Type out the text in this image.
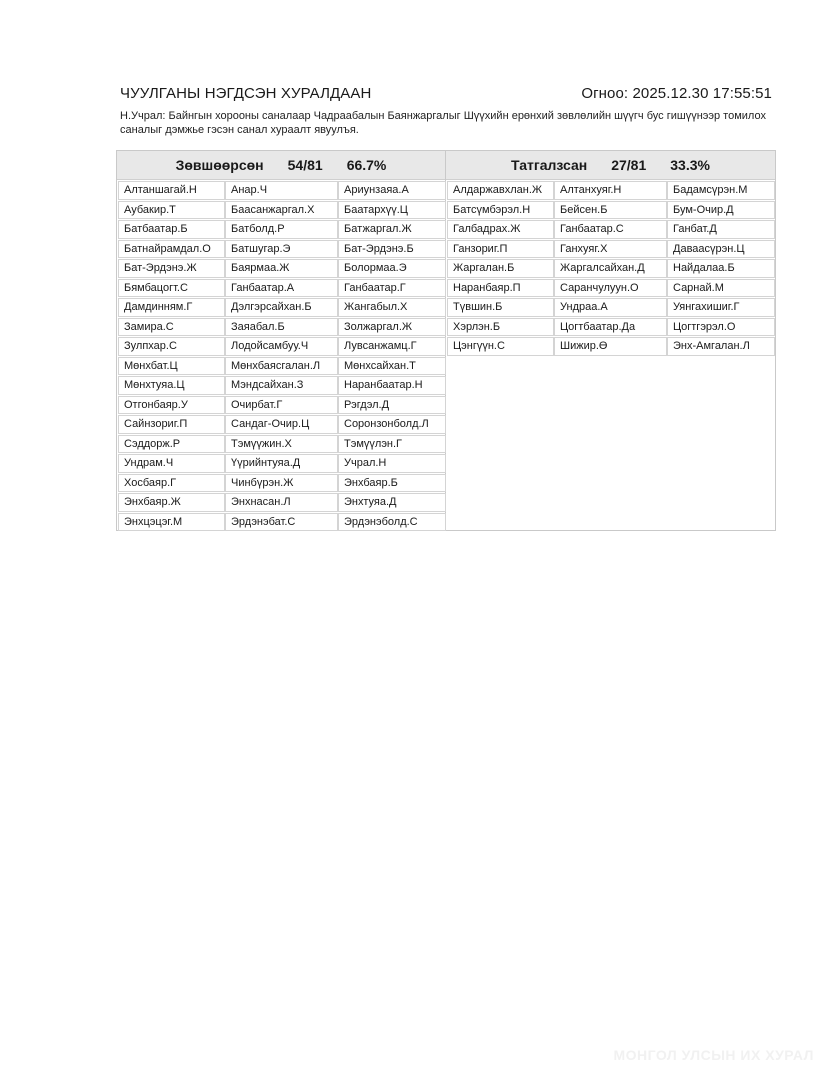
ЧУУЛГАНЫ НЭГДСЭН ХУРАЛДААН	Огноо: 2025.12.30 17:55:51
Н.Учрал: Байнгын хорооны саналаар Чадраабалын Баянжаргалыг Шүүхийн ерөнхий зөвлөлийн шүүгч бус гишүүнээр томилох саналыг дэмжье гэсэн санал хураалт явуулъя.
Зөвшөөрсөн 54/81 66.7%
Алтаншагай.Н	Анар.Ч	Ариунзаяа.А
Аубакир.Т	Баасанжаргал.Х	Баатархүү.Ц
Батбаатар.Б	Батболд.Р	Батжаргал.Ж
Батнайрамдал.О	Батшугар.Э	Бат-Эрдэнэ.Б
Бат-Эрдэнэ.Ж	Баярмаа.Ж	Болормаа.Э
Бямбацогт.С	Ганбаатар.А	Ганбаатар.Г
Дамдинням.Г	Дэлгэрсайхан.Б	Жангабыл.Х
Замира.С	Заяабал.Б	Золжаргал.Ж
Зулпхар.С	Лодойсамбуу.Ч	Лувсанжамц.Г
Мөнхбат.Ц	Мөнхбаясгалан.Л	Мөнхсайхан.Т
Мөнхтуяа.Ц	Мэндсайхан.З	Наранбаатар.Н
Отгонбаяр.У	Очирбат.Г	Рэгдэл.Д
Сайнзориг.П	Сандаг-Очир.Ц	Соронзонболд.Л
Сэддорж.Р	Тэмүүжин.Х	Тэмүүлэн.Г
Ундрам.Ч	Үүрийнтуяа.Д	Учрал.Н
Хосбаяр.Г	Чинбүрэн.Ж	Энхбаяр.Б
Энхбаяр.Ж	Энхнасан.Л	Энхтуяа.Д
Энхцэцэг.М	Эрдэнэбат.С	Эрдэнэболд.С
Татгалзсан 27/81 33.3%
Алдаржавхлан.Ж	Алтанхуяг.Н	Бадамсүрэн.М
Батсүмбэрэл.Н	Бейсен.Б	Бум-Очир.Д
Галбадрах.Ж	Ганбаатар.С	Ганбат.Д
Ганзориг.П	Ганхуяг.Х	Даваасүрэн.Ц
Жаргалан.Б	Жаргалсайхан.Д	Найдалаа.Б
Наранбаяр.П	Саранчулуун.О	Сарнай.М
Түвшин.Б	Ундраа.А	Уянгахишиг.Г
Хэрлэн.Б	Цогтбаатар.Да	Цогтгэрэл.О
Цэнгүүн.С	Шижир.Ө	Энх-Амгалан.Л
МОНГОЛ УЛСЫН ИХ ХУРАЛ
